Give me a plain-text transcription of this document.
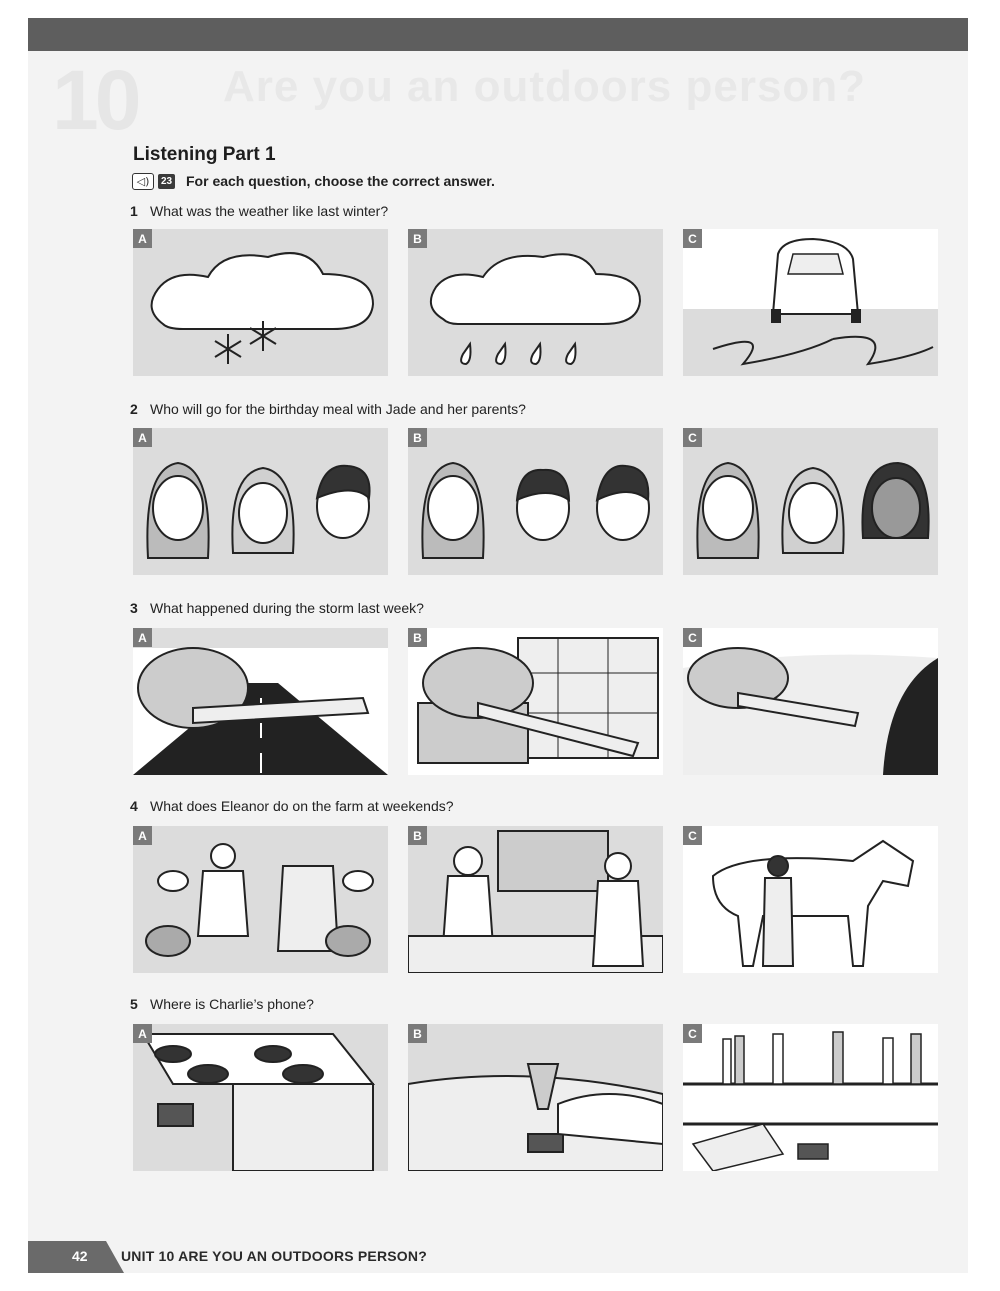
10 Are you an outdoors person?
Listening Part 1
◁)	23 For each question, choose the correct answer.
1 What was the weather like last winter?
A	B	C
2 Who will go for the birthday meal with Jade and her parents?
A	B	C
3 What happened during the storm last week?
A	B	C
4 What does Eleanor do on the farm at weekends?
A	B	C
5 Where is Charlie’s phone?
A	B	C
42 UNIT 10 ARE YOU AN OUTDOORS PERSON?
